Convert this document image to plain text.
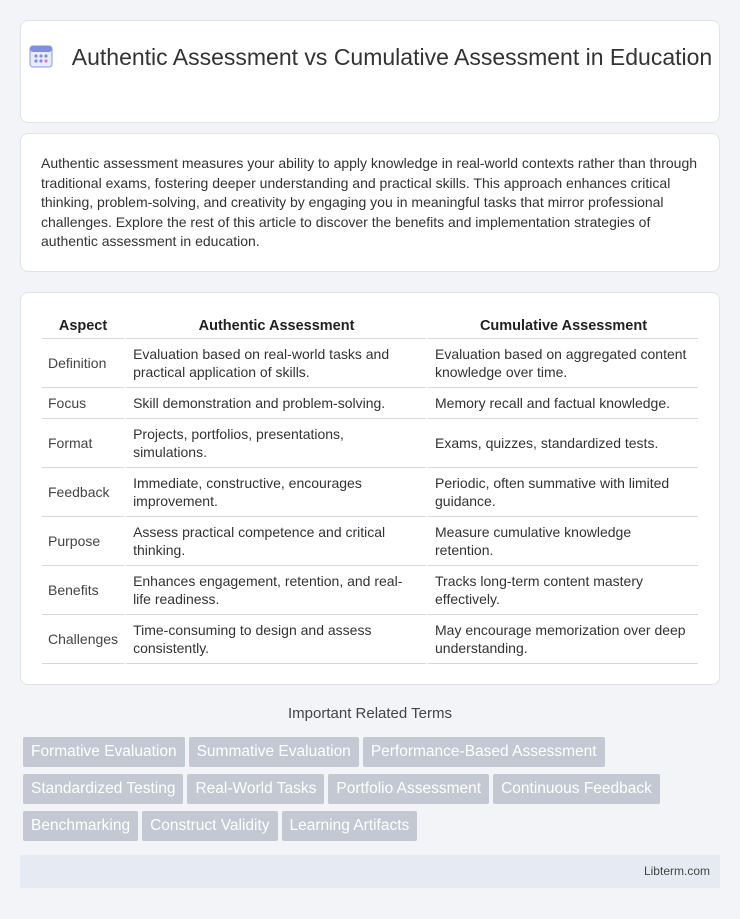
Authentic Assessment vs Cumulative Assessment in Education

Authentic assessment measures your ability to apply knowledge in real-world contexts rather than through traditional exams, fostering deeper understanding and practical skills. This approach enhances critical thinking, problem-solving, and creativity by engaging you in meaningful tasks that mirror professional challenges. Explore the rest of this article to discover the benefits and implementation strategies of authentic assessment in education.

Aspect	Authentic Assessment	Cumulative Assessment
Definition	Evaluation based on real-world tasks and practical application of skills.	Evaluation based on aggregated content knowledge over time.
Focus	Skill demonstration and problem-solving.	Memory recall and factual knowledge.
Format	Projects, portfolios, presentations, simulations.	Exams, quizzes, standardized tests.
Feedback	Immediate, constructive, encourages improvement.	Periodic, often summative with limited guidance.
Purpose	Assess practical competence and critical thinking.	Measure cumulative knowledge retention.
Benefits	Enhances engagement, retention, and real-life readiness.	Tracks long-term content mastery effectively.
Challenges	Time-consuming to design and assess consistently.	May encourage memorization over deep understanding.
Important Related Terms
Formative Evaluation Summative Evaluation Performance-Based Assessment
Standardized Testing Real-World Tasks Portfolio Assessment Continuous Feedback
Benchmarking Construct Validity Learning Artifacts
Libterm.com
